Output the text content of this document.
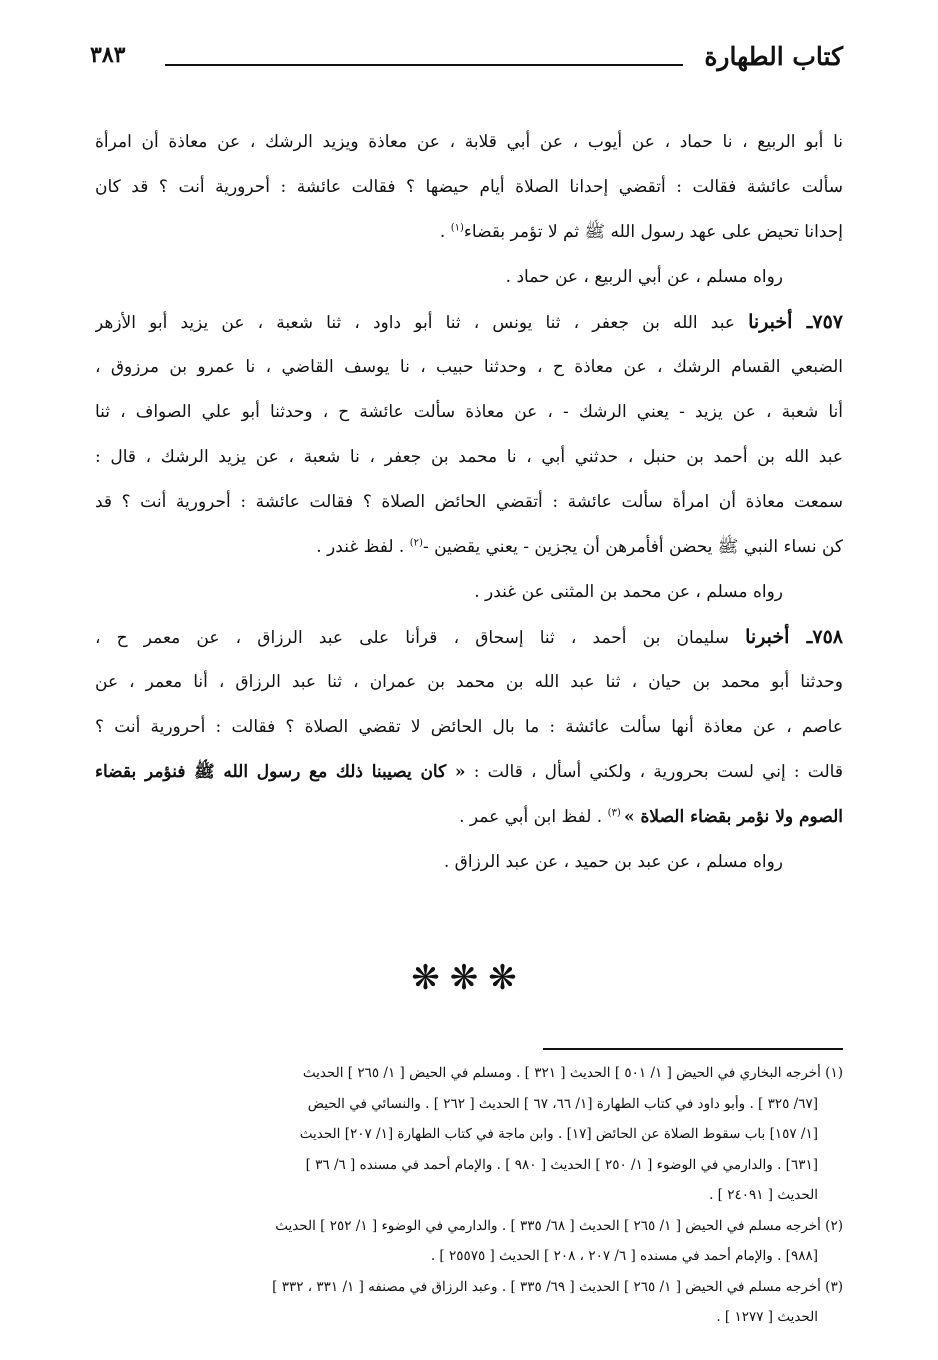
كتاب الطهارة
٣٨٣
نا أبو الربيع ، نا حماد ، عن أيوب ، عن أبي قلابة ، عن معاذة ويزيد الرشك ، عن معاذة أن امرأة
سألت عائشة فقالت : أتقضي إحدانا الصلاة أيام حيضها ؟ فقالت عائشة : أحرورية أنت ؟ قد كان
إحدانا تحيض على عهد رسول الله ﷺ ثم لا تؤمر بقضاء$^{(١)}$ .
رواه مسلم ، عن أبي الربيع ، عن حماد .
٧٥٧ـ أخبرنا عبد الله بن جعفر ، ثنا يونس ، ثنا أبو داود ، ثنا شعبة ، عن يزيد أبو الأزهر
الضبعي القسام الرشك ، عن معاذة ح ، وحدثنا حبيب ، نا يوسف القاضي ، نا عمرو بن مرزوق ،
أنا شعبة ، عن يزيد - يعني الرشك - ، عن معاذة سألت عائشة ح ، وحدثنا أبو علي الصواف ، ثنا
عبد الله بن أحمد بن حنبل ، حدثني أبي ، نا محمد بن جعفر ، نا شعبة ، عن يزيد الرشك ، قال :
سمعت معاذة أن امرأة سألت عائشة : أتقضي الحائض الصلاة ؟ فقالت عائشة : أحرورية أنت ؟ قد
كن نساء النبي ﷺ يحضن أفأمرهن أن يجزين - يعني يقضين -$^{(٢)}$ . لفظ غندر .
رواه مسلم ، عن محمد بن المثنى عن غندر .
٧٥٨ـ أخبرنا سليمان بن أحمد ، ثنا إسحاق ، قرأنا على عبد الرزاق ، عن معمر ح ،
وحدثنا أبو محمد بن حيان ، ثنا عبد الله بن محمد بن عمران ، ثنا عبد الرزاق ، أنا معمر ، عن
عاصم ، عن معاذة أنها سألت عائشة : ما بال الحائض لا تقضي الصلاة ؟ فقالت : أحرورية أنت ؟
قالت : إني لست بحرورية ، ولكني أسأل ، قالت : « كان يصيبنا ذلك مع رسول الله ﷺ فنؤمر بقضاء
الصوم ولا نؤمر بقضاء الصلاة » $^{(٣)}$ . لفظ ابن أبي عمر .
رواه مسلم ، عن عبد بن حميد ، عن عبد الرزاق .
❋❋❋
(١) أخرجه البخاري في الحيض [ ١/ ٥٠١ ] الحديث [ ٣٢١ ] . ومسلم في الحيض [ ١/ ٢٦٥ ] الحديث
[٦٧/ ٣٢٥ ] . وأبو داود في كتاب الطهارة [١/ ٦٦، ٦٧ ] الحديث [ ٢٦٢ ] . والنسائي في الحيض
[١/ ١٥٧] باب سقوط الصلاة عن الحائض [١٧] . وابن ماجة في كتاب الطهارة [١/ ٢٠٧] الحديث
[٦٣١] . والدارمي في الوضوء [ ١/ ٢٥٠ ] الحديث [ ٩٨٠ ] . والإمام أحمد في مسنده [ ٦/ ٣٦ ]
الحديث [ ٢٤٠٩١ ] .
(٢) أخرجه مسلم في الحيض [ ١/ ٢٦٥ ] الحديث [ ٦٨/ ٣٣٥ ] . والدارمي في الوضوء [ ١/ ٢٥٢ ] الحديث
[٩٨٨] . والإمام أحمد في مسنده [ ٦/ ٢٠٧ ، ٢٠٨ ] الحديث [ ٢٥٥٧٥ ] .
(٣) أخرجه مسلم في الحيض [ ١/ ٢٦٥ ] الحديث [ ٦٩/ ٣٣٥ ] . وعبد الرزاق في مصنفه [ ١/ ٣٣١ ، ٣٣٢ ]
الحديث [ ١٢٧٧ ] .
